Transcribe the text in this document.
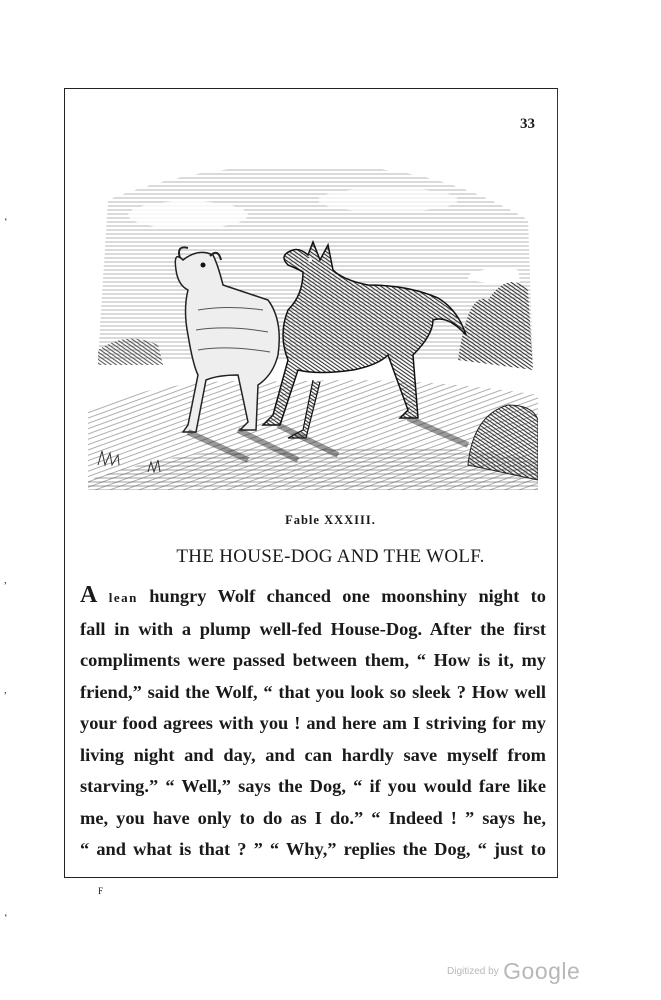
33
Fable XXXIII.
THE HOUSE-DOG AND THE WOLF.
A lean hungry Wolf chanced one moonshiny night to
fall in with a plump well-fed House-Dog. After the first
compliments were passed between them, “ How is it, my
friend,” said the Wolf, “ that you look so sleek ? How well
your food agrees with you ! and here am I striving for my
living night and day, and can hardly save myself from
starving.” “ Well,” says the Dog, “ if you would fare like
me, you have only to do as I do.” “ Indeed ! ” says he,
“ and what is that ? ” “ Why,” replies the Dog, “ just to
F
‘
,
,
‘
Digitized by Google
